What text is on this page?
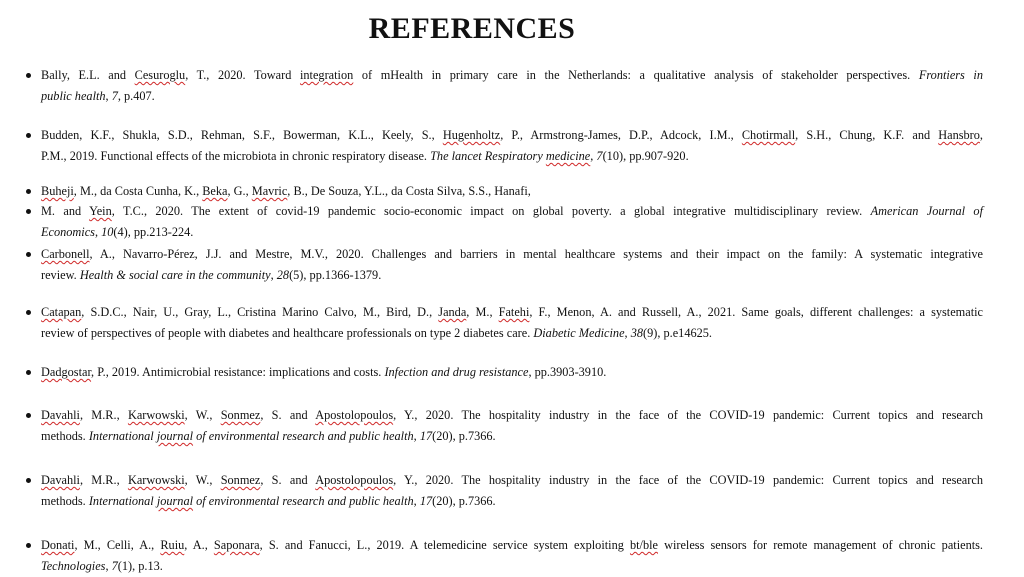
REFERENCES
Bally, E.L. and Cesuroglu, T., 2020. Toward integration of mHealth in primary care in the Netherlands: a qualitative analysis of stakeholder perspectives. Frontiers in
public health, 7, p.407.
Budden, K.F., Shukla, S.D., Rehman, S.F., Bowerman, K.L., Keely, S., Hugenholtz, P., Armstrong-James, D.P., Adcock, I.M., Chotirmall, S.H., Chung, K.F. and Hansbro,
P.M., 2019. Functional effects of the microbiota in chronic respiratory disease. The lancet Respiratory medicine, 7(10), pp.907-920.
Buheji, M., da Costa Cunha, K., Beka, G., Mavric, B., De Souza, Y.L., da Costa Silva, S.S., Hanafi,
M. and Yein, T.C., 2020. The extent of covid-19 pandemic socio-economic impact on global poverty. a global integrative multidisciplinary review. American Journal of
Economics, 10(4), pp.213-224.
Carbonell, A., Navarro-Pérez, J.J. and Mestre, M.V., 2020. Challenges and barriers in mental healthcare systems and their impact on the family: A systematic integrative
review. Health & social care in the community, 28(5), pp.1366-1379.
Catapan, S.D.C., Nair, U., Gray, L., Cristina Marino Calvo, M., Bird, D., Janda, M., Fatehi, F., Menon, A. and Russell, A., 2021. Same goals, different challenges: a systematic
review of perspectives of people with diabetes and healthcare professionals on type 2 diabetes care. Diabetic Medicine, 38(9), p.e14625.
Dadgostar, P., 2019. Antimicrobial resistance: implications and costs. Infection and drug resistance, pp.3903-3910.
Davahli, M.R., Karwowski, W., Sonmez, S. and Apostolopoulos, Y., 2020. The hospitality industry in the face of the COVID-19 pandemic: Current topics and research
methods. International journal of environmental research and public health, 17(20), p.7366.
Davahli, M.R., Karwowski, W., Sonmez, S. and Apostolopoulos, Y., 2020. The hospitality industry in the face of the COVID-19 pandemic: Current topics and research
methods. International journal of environmental research and public health, 17(20), p.7366.
Donati, M., Celli, A., Ruiu, A., Saponara, S. and Fanucci, L., 2019. A telemedicine service system exploiting bt/ble wireless sensors for remote management of chronic patients.
Technologies, 7(1), p.13.
